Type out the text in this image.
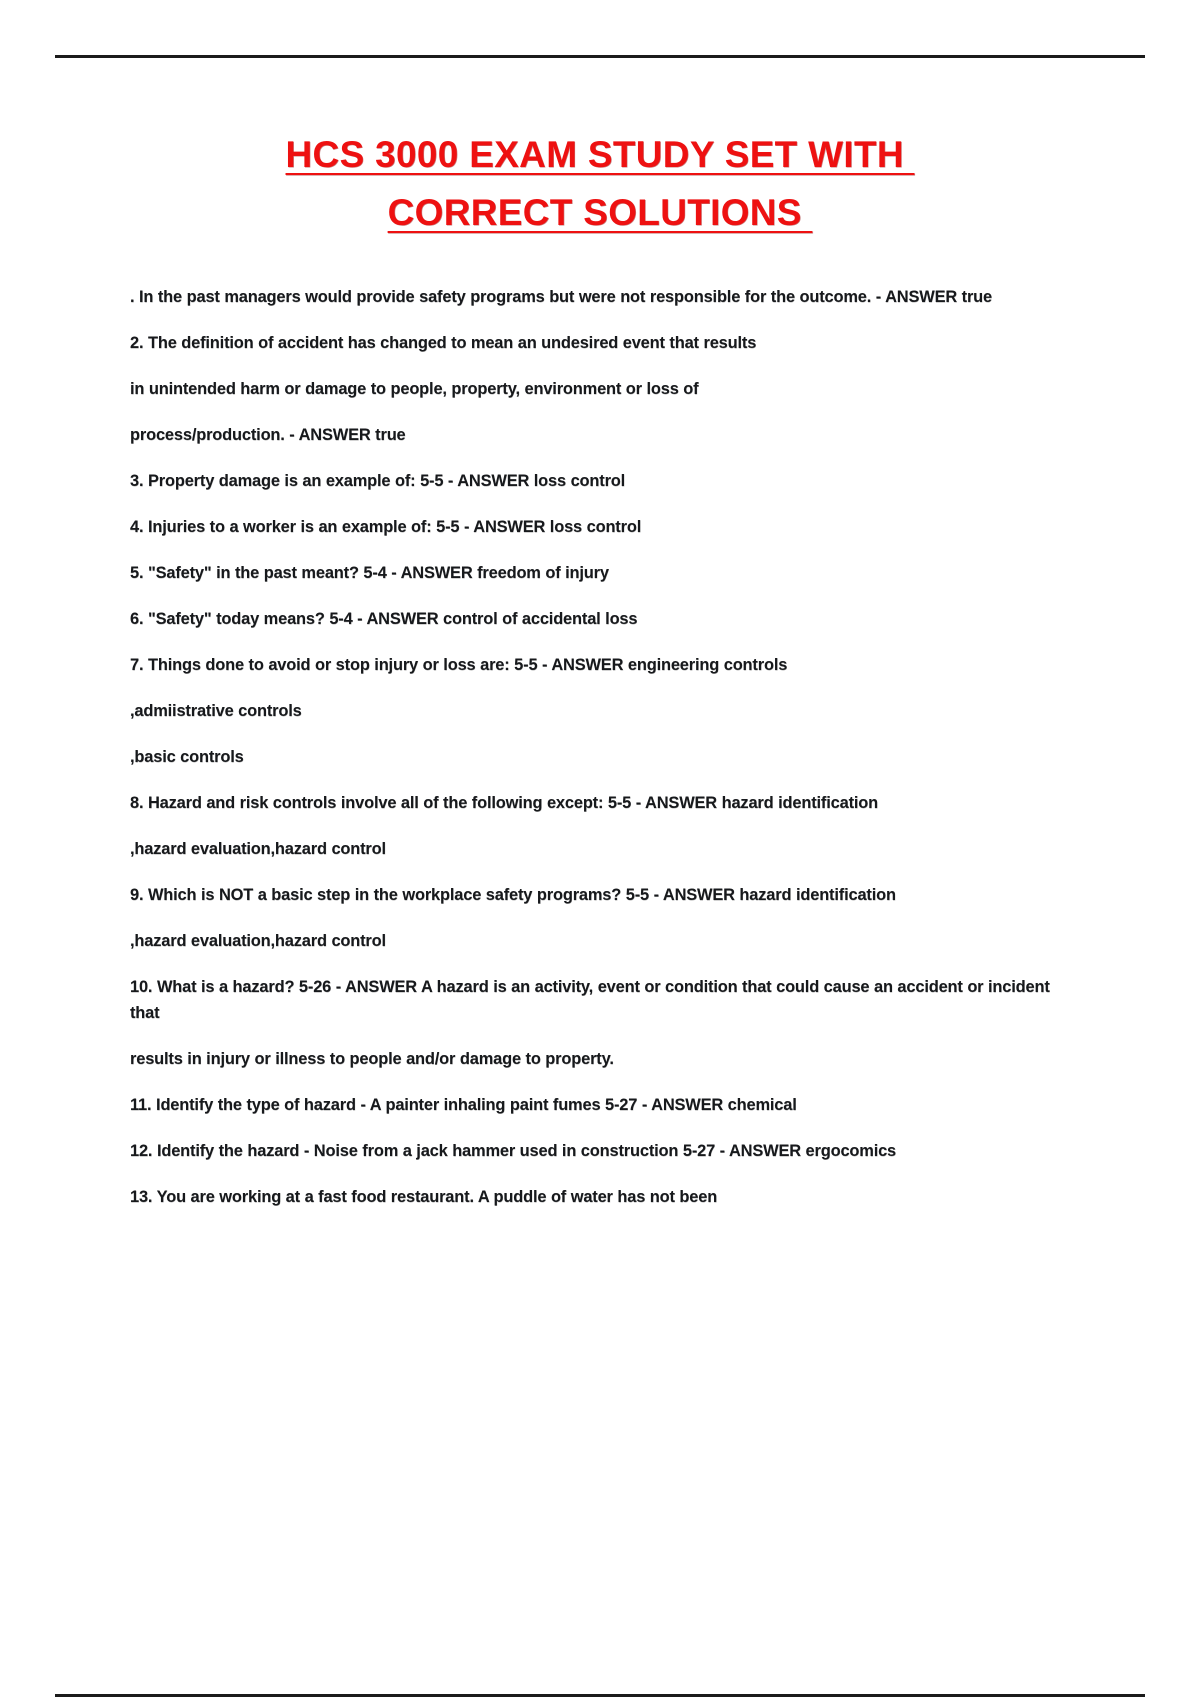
HCS 3000 EXAM STUDY SET WITH
CORRECT SOLUTIONS

. In the past managers would provide safety programs but were not responsible for the outcome. - ANSWER true

2. The definition of accident has changed to mean an undesired event that results

in unintended harm or damage to people, property, environment or loss of

process/production. - ANSWER true

3. Property damage is an example of: 5-5 - ANSWER loss control

4. Injuries to a worker is an example of: 5-5 - ANSWER loss control

5. "Safety" in the past meant? 5-4 - ANSWER freedom of injury

6. "Safety" today means? 5-4 - ANSWER control of accidental loss

7. Things done to avoid or stop injury or loss are: 5-5 - ANSWER engineering controls

,admiistrative controls

,basic controls

8. Hazard and risk controls involve all of the following except: 5-5 - ANSWER hazard identification

,hazard evaluation,hazard control

9. Which is NOT a basic step in the workplace safety programs? 5-5 - ANSWER hazard identification

,hazard evaluation,hazard control

10. What is a hazard? 5-26 - ANSWER A hazard is an activity, event or condition that could cause an accident or incident that

results in injury or illness to people and/or damage to property.

11. Identify the type of hazard - A painter inhaling paint fumes 5-27 - ANSWER chemical

12. Identify the hazard - Noise from a jack hammer used in construction 5-27 - ANSWER ergocomics

13. You are working at a fast food restaurant. A puddle of water has not been
